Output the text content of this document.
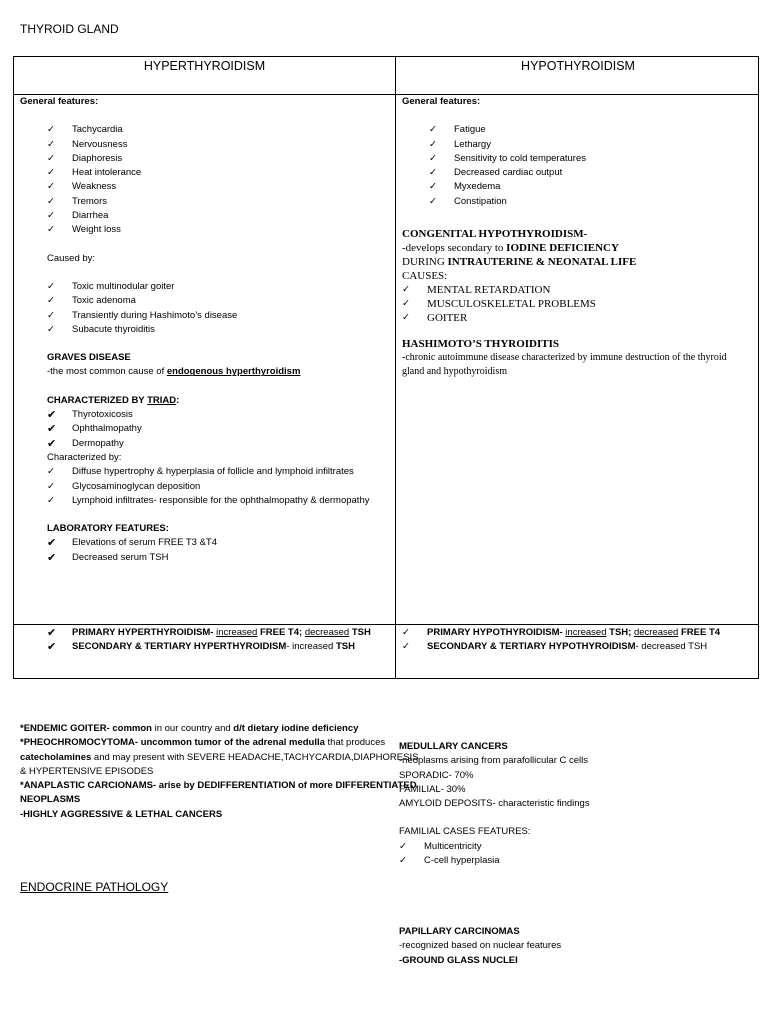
THYROID GLAND
HYPERTHYROIDISM	HYPOTHYROIDISM
General features:
✓ Tachycardia
✓ Nervousness
✓ Diaphoresis
✓ Heat intolerance
✓ Weakness
✓ Tremors
✓ Diarrhea
✓ Weight loss
Caused by:
✓ Toxic multinodular goiter
✓ Toxic adenoma
✓ Transiently during Hashimoto’s disease
✓ Subacute thyroiditis
GRAVES DISEASE
-the most common cause of endogenous hyperthyroidism
CHARACTERIZED BY TRIAD:
✔ Thyrotoxicosis
✔ Ophthalmopathy
✔ Dermopathy
Characterized by:
✓ Diffuse hypertrophy & hyperplasia of follicle and lymphoid infiltrates
✓ Glycosaminoglycan deposition
✓ Lymphoid infiltrates- responsible for the ophthalmopathy & dermopathy
LABORATORY FEATURES:
✔ Elevations of serum FREE T3 &T4
✔ Decreased serum TSH
General features:
✓ Fatigue
✓ Lethargy
✓ Sensitivity to cold temperatures
✓ Decreased cardiac output
✓ Myxedema
✓ Constipation
CONGENITAL HYPOTHYROIDISM-
-develops secondary to IODINE DEFICIENCY
DURING INTRAUTERINE & NEONATAL LIFE
CAUSES:
✓ MENTAL RETARDATION
✓ MUSCULOSKELETAL PROBLEMS
✓ GOITER
HASHIMOTO’S THYROIDITIS
-chronic autoimmune disease characterized by immune destruction of the thyroid gland and hypothyroidism
✔ PRIMARY HYPERTHYROIDISM- increased FREE T4; decreased TSH
✔ SECONDARY & TERTIARY HYPERTHYROIDISM- increased TSH
✓ PRIMARY HYPOTHYROIDISM- increased TSH; decreased FREE T4
✓ SECONDARY & TERTIARY HYPOTHYROIDISM- decreased TSH
*ENDEMIC GOITER- common in our country and d/t dietary iodine deficiency
*PHEOCHROMOCYTOMA- uncommon tumor of the adrenal medulla that produces catecholamines and may present with SEVERE HEADACHE,TACHYCARDIA,DIAPHORESIS & HYPERTENSIVE EPISODES
*ANAPLASTIC CARCIONAMS- arise by DEDIFFERENTIATION of more DIFFERENTIATED NEOPLASMS
-HIGHLY AGGRESSIVE & LETHAL CANCERS
MEDULLARY CANCERS
-neoplasms arising from parafollicular C cells
SPORADIC- 70%
FAMILIAL- 30%
AMYLOID DEPOSITS- characteristic findings
FAMILIAL CASES FEATURES:
✓ Multicentricity
✓ C-cell hyperplasia
ENDOCRINE PATHOLOGY
PAPILLARY CARCINOMAS
-recognized based on nuclear features
-GROUND GLASS NUCLEI
